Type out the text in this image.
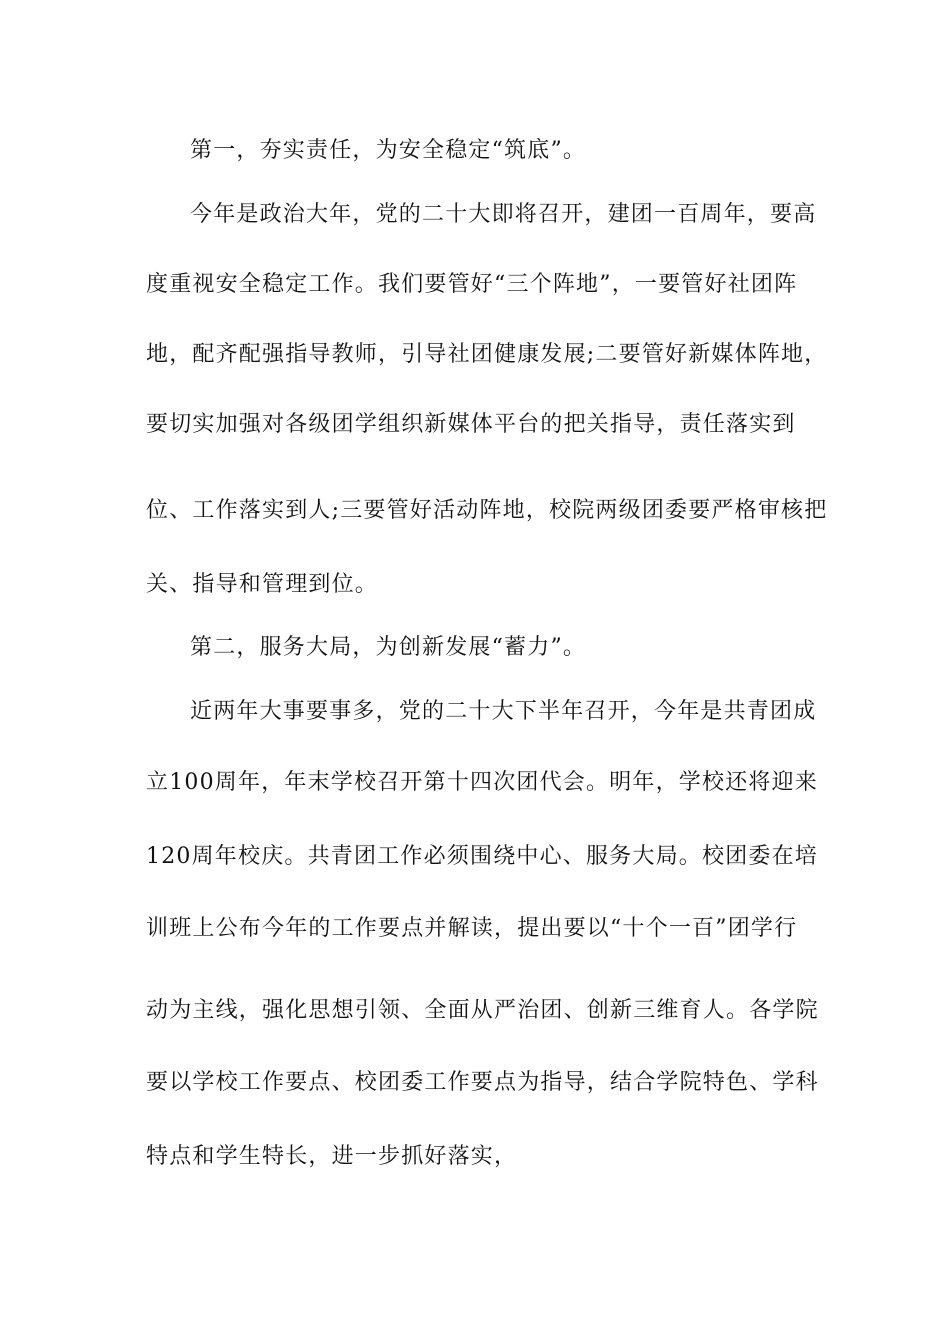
第一，夯实责任，为安全稳定“筑底”。
今年是政治大年，党的二十大即将召开，建团一百周年，要高
度重视安全稳定工作。我们要管好“三个阵地”，一要管好社团阵
地，配齐配强指导教师，引导社团健康发展;二要管好新媒体阵地，
要切实加强对各级团学组织新媒体平台的把关指导，责任落实到
位、工作落实到人;三要管好活动阵地，校院两级团委要严格审核把
关、指导和管理到位。
第二，服务大局，为创新发展“蓄力”。
近两年大事要事多，党的二十大下半年召开，今年是共青团成
立100周年，年末学校召开第十四次团代会。明年，学校还将迎来
120周年校庆。共青团工作必须围绕中心、服务大局。校团委在培
训班上公布今年的工作要点并解读，提出要以“十个一百”团学行
动为主线，强化思想引领、全面从严治团、创新三维育人。各学院
要以学校工作要点、校团委工作要点为指导，结合学院特色、学科
特点和学生特长，进一步抓好落实，
